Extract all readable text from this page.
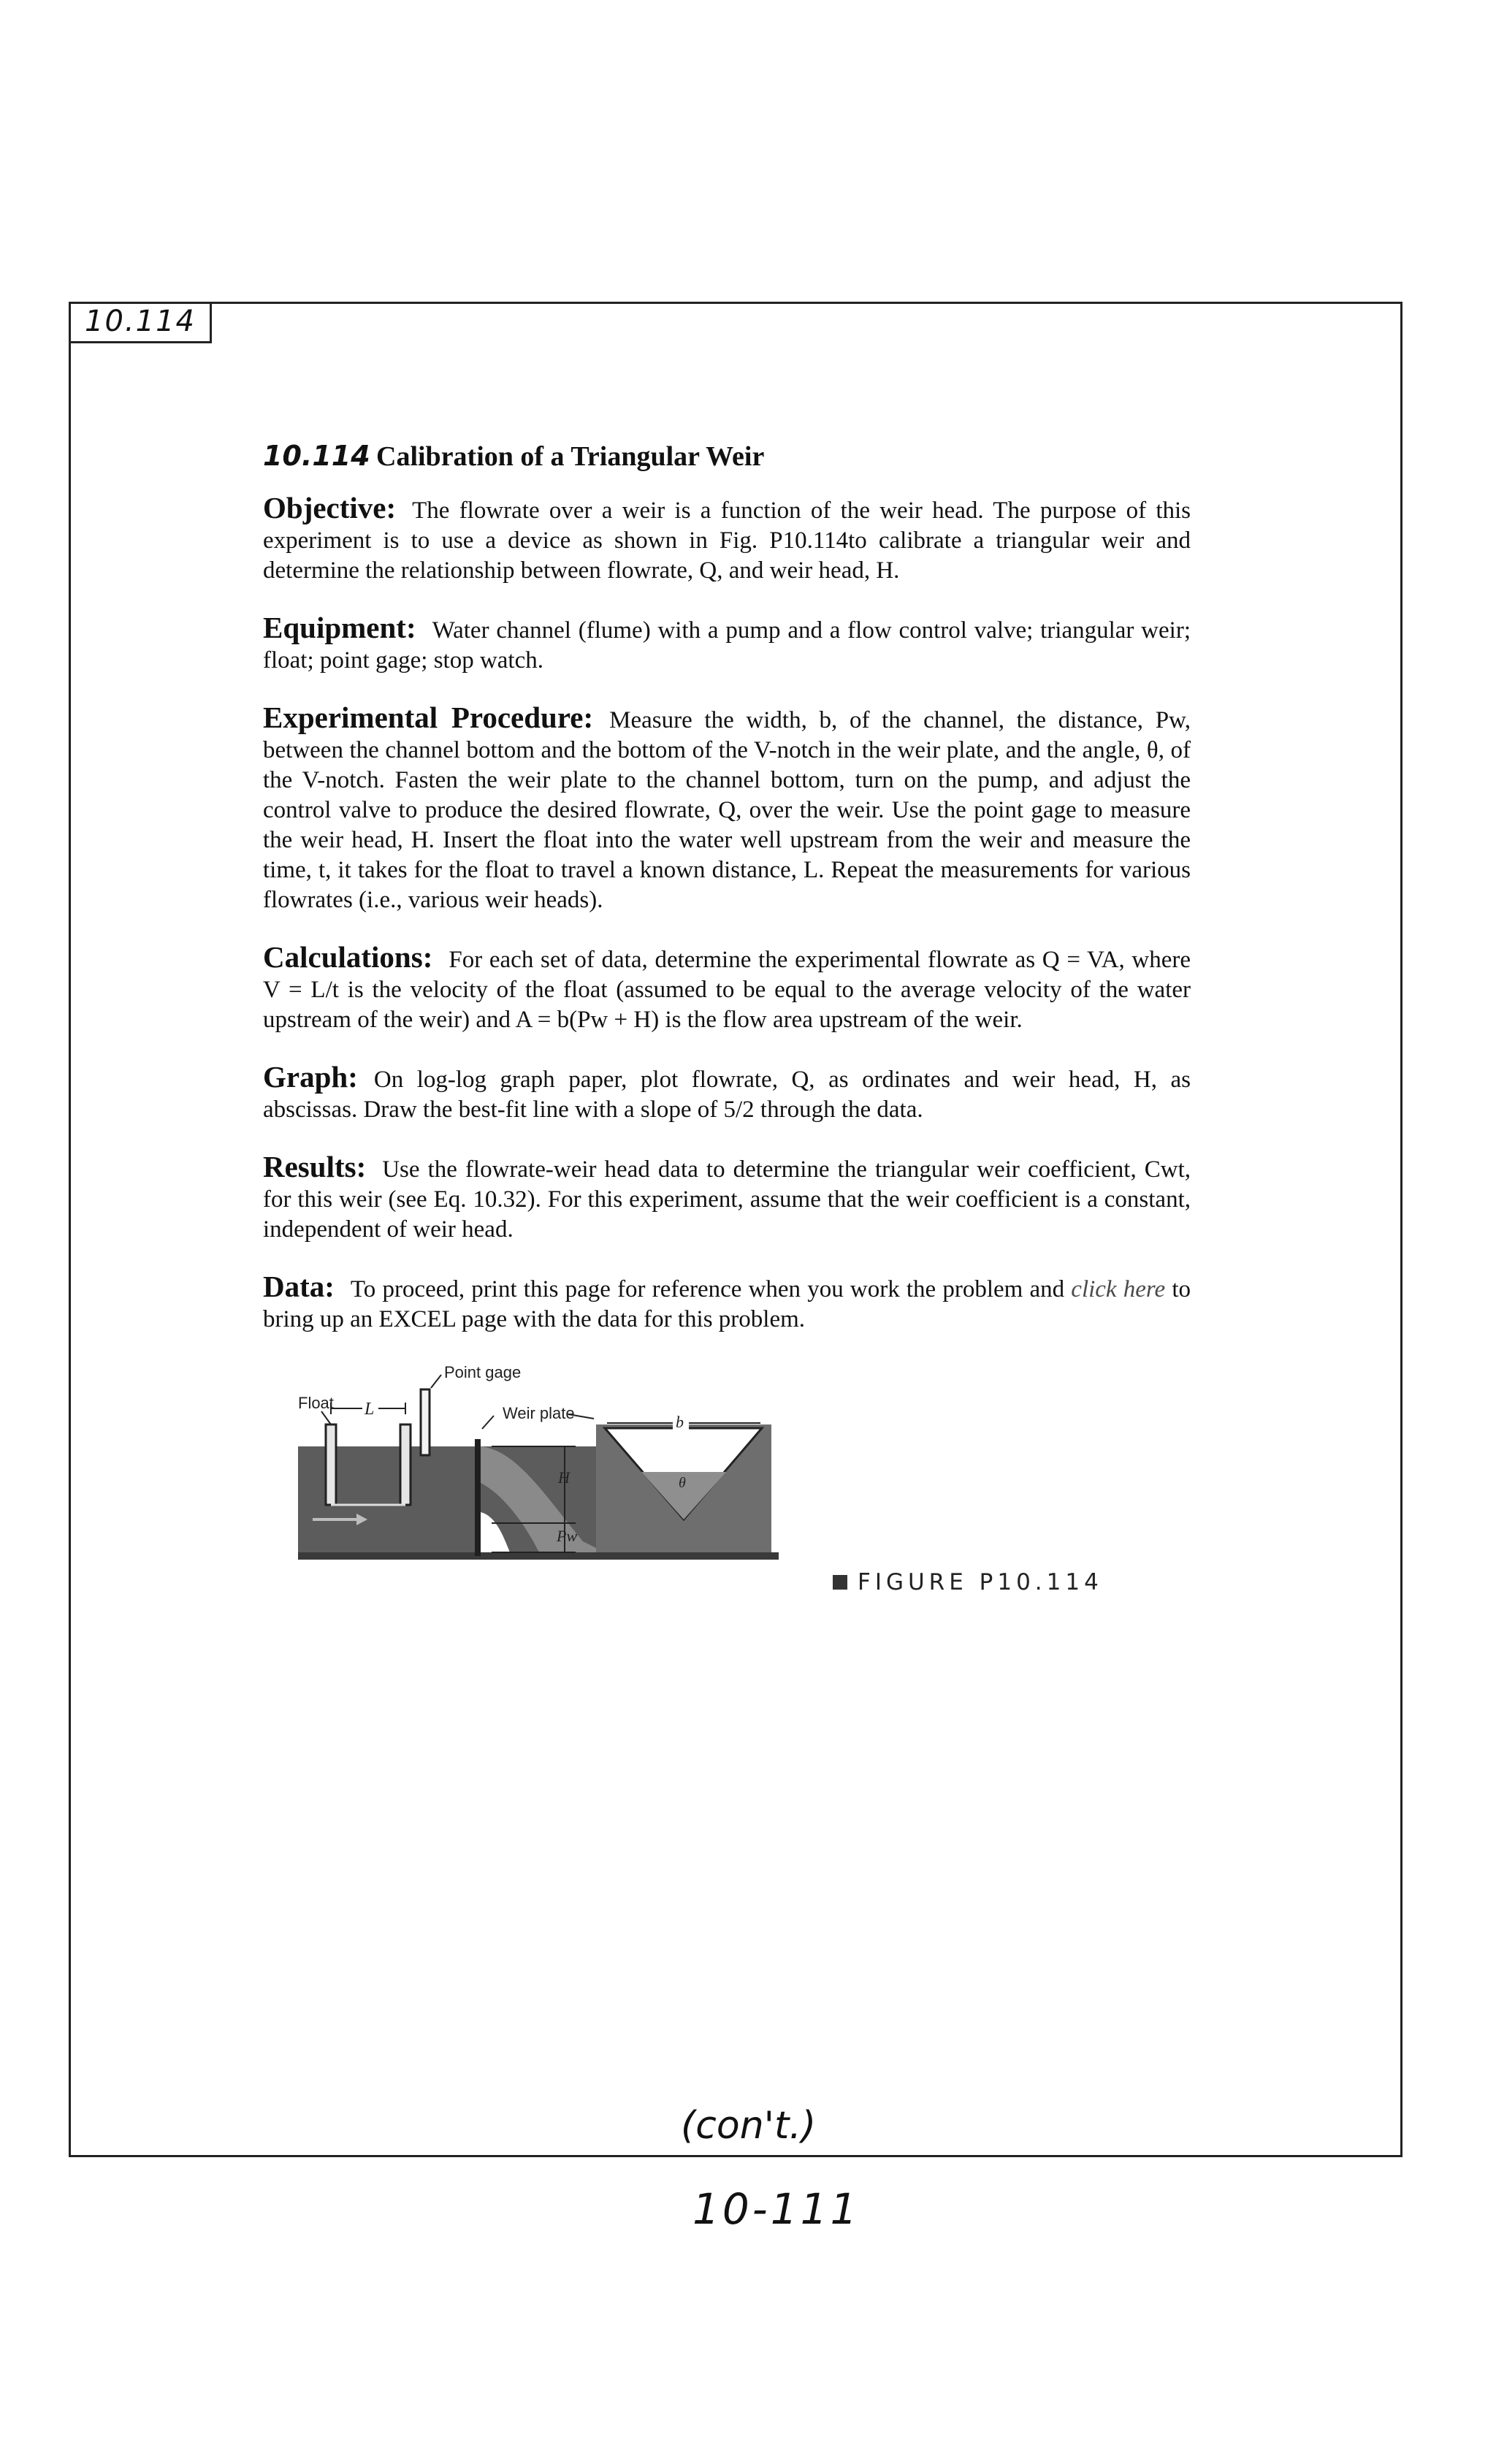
10.114
10.114 Calibration of a Triangular Weir

Objective: The flowrate over a weir is a function of the weir head. The purpose of this experiment is to use a device as shown in Fig. P10.114to calibrate a triangular weir and determine the relationship between flowrate, Q, and weir head, H.

Equipment: Water channel (flume) with a pump and a flow control valve; triangular weir; float; point gage; stop watch.

Experimental Procedure: Measure the width, b, of the channel, the distance, Pw, between the channel bottom and the bottom of the V-notch in the weir plate, and the angle, θ, of the V-notch. Fasten the weir plate to the channel bottom, turn on the pump, and adjust the control valve to produce the desired flowrate, Q, over the weir. Use the point gage to measure the weir head, H. Insert the float into the water well upstream from the weir and measure the time, t, it takes for the float to travel a known distance, L. Repeat the measurements for various flowrates (i.e., various weir heads).

Calculations: For each set of data, determine the experimental flowrate as Q = VA, where V = L/t is the velocity of the float (assumed to be equal to the average velocity of the water upstream of the weir) and A = b(Pw + H) is the flow area upstream of the weir.

Graph: On log-log graph paper, plot flowrate, Q, as ordinates and weir head, H, as abscissas. Draw the best-fit line with a slope of 5/2 through the data.

Results: Use the flowrate-weir head data to determine the triangular weir coefficient, Cwt, for this weir (see Eq. 10.32). For this experiment, assume that the weir coefficient is a constant, independent of weir head.

Data: To proceed, print this page for reference when you work the problem and click here to bring up an EXCEL page with the data for this problem.

Float L
Point gage
Weir plate
H
Pw
b
θ
FIGURE P10.114
(con't.)
10-111
